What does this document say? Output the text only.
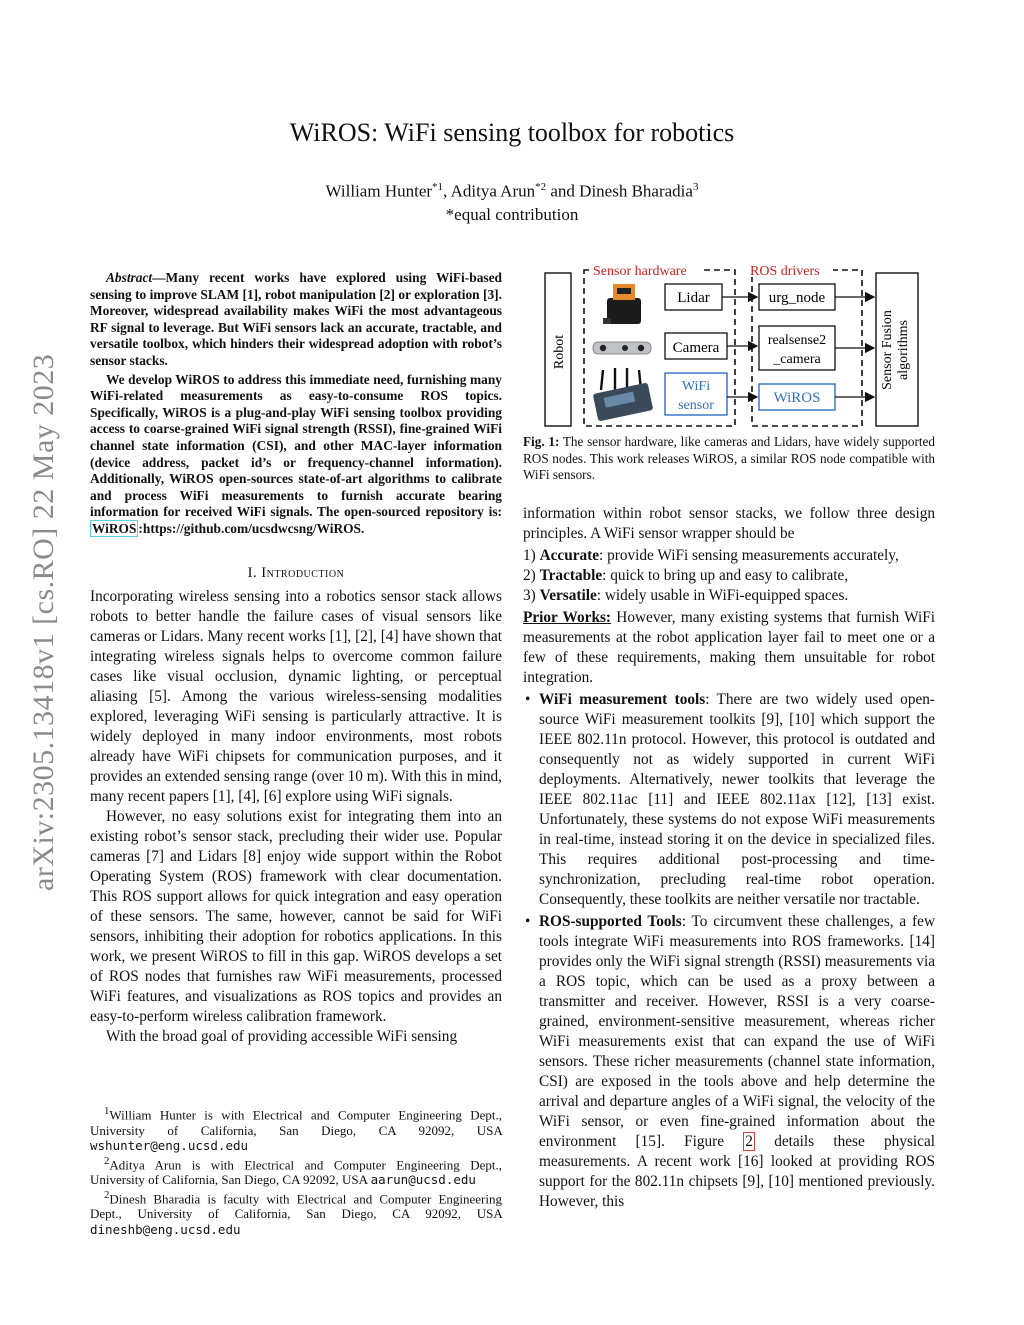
arXiv:2305.13418v1 [cs.RO] 22 May 2023
WiROS: WiFi sensing toolbox for robotics
William Hunter$^{*1}$, Aditya Arun$^{*2}$ and Dinesh Bharadia$^3$
*equal contribution

Abstract—Many recent works have explored using WiFi-based sensing to improve SLAM [1], robot manipulation [2] or exploration [3]. Moreover, widespread availability makes WiFi the most advantageous RF signal to leverage. But WiFi sensors lack an accurate, tractable, and versatile toolbox, which hinders their widespread adoption with robot’s sensor stacks.

We develop WiROS to address this immediate need, furnishing many WiFi-related measurements as easy-to-consume ROS topics. Specifically, WiROS is a plug-and-play WiFi sensing toolbox providing access to coarse-grained WiFi signal strength (RSSI), fine-grained WiFi channel state information (CSI), and other MAC-layer information (device address, packet id’s or frequency-channel information). Additionally, WiROS open-sources state-of-art algorithms to calibrate and process WiFi measurements to furnish accurate bearing information for received WiFi signals. The open-sourced repository is: WiROS :https://github.com/ucsdwcsng/WiROS.

I. Introduction

Incorporating wireless sensing into a robotics sensor stack allows robots to better handle the failure cases of visual sensors like cameras or Lidars. Many recent works [1], [2], [4] have shown that integrating wireless signals helps to overcome common failure cases like visual occlusion, dynamic lighting, or perceptual aliasing [5]. Among the various wireless-sensing modalities explored, leveraging WiFi sensing is particularly attractive. It is widely deployed in many indoor environments, most robots already have WiFi chipsets for communication purposes, and it provides an extended sensing range (over 10 m). With this in mind, many recent papers [1], [4], [6] explore using WiFi signals.

However, no easy solutions exist for integrating them into an existing robot’s sensor stack, precluding their wider use. Popular cameras [7] and Lidars [8] enjoy wide support within the Robot Operating System (ROS) framework with clear documentation. This ROS support allows for quick integration and easy operation of these sensors. The same, however, cannot be said for WiFi sensors, inhibiting their adoption for robotics applications. In this work, we present WiROS to fill in this gap. WiROS develops a set of ROS nodes that furnishes raw WiFi measurements, processed WiFi features, and visualizations as ROS topics and provides an easy-to-perform wireless calibration framework.

With the broad goal of providing accessible WiFi sensing

$^1$William Hunter is with Electrical and Computer Engineering Dept., University of California, San Diego, CA 92092, USA wshunter@eng.ucsd.edu

$^2$Aditya Arun is with Electrical and Computer Engineering Dept., University of California, San Diego, CA 92092, USA aarun@ucsd.edu

$^2$Dinesh Bharadia is faculty with Electrical and Computer Engineering Dept., University of California, San Diego, CA 92092, USA dineshb@eng.ucsd.edu

Sensor hardware	ROS drivers
Robot	Sensor Fusion algorithms
Lidar
Camera
WiFi
sensor
urg_node
realsense2
_camera
WiROS
Fig. 1: The sensor hardware, like cameras and Lidars, have widely supported ROS nodes. This work releases WiROS, a similar ROS node compatible with WiFi sensors.

information within robot sensor stacks, we follow three design principles. A WiFi sensor wrapper should be

1) Accurate: provide WiFi sensing measurements accurately,
2) Tractable: quick to bring up and easy to calibrate,
3) Versatile: widely usable in WiFi-equipped spaces.

Prior Works: However, many existing systems that furnish WiFi measurements at the robot application layer fail to meet one or a few of these requirements, making them unsuitable for robot integration.

• WiFi measurement tools: There are two widely used open-source WiFi measurement toolkits [9], [10] which support the IEEE 802.11n protocol. However, this protocol is outdated and consequently not as widely supported in current WiFi deployments. Alternatively, newer toolkits that leverage the IEEE 802.11ac [11] and IEEE 802.11ax [12], [13] exist. Unfortunately, these systems do not expose WiFi measurements in real-time, instead storing it on the device in specialized files. This requires additional post-processing and time-synchronization, precluding real-time robot operation. Consequently, these toolkits are neither versatile nor tractable.
• ROS-supported Tools: To circumvent these challenges, a few tools integrate WiFi measurements into ROS frameworks. [14] provides only the WiFi signal strength (RSSI) measurements via a ROS topic, which can be used as a proxy between a transmitter and receiver. However, RSSI is a very coarse-grained, environment-sensitive measurement, whereas richer WiFi measurements exist that can expand the use of WiFi sensors. These richer measurements (channel state information, CSI) are exposed in the tools above and help determine the arrival and departure angles of a WiFi signal, the velocity of the WiFi sensor, or even fine-grained information about the environment [15]. Figure 2 details these physical measurements. A recent work [16] looked at providing ROS support for the 802.11n chipsets [9], [10] mentioned previously. However, this
